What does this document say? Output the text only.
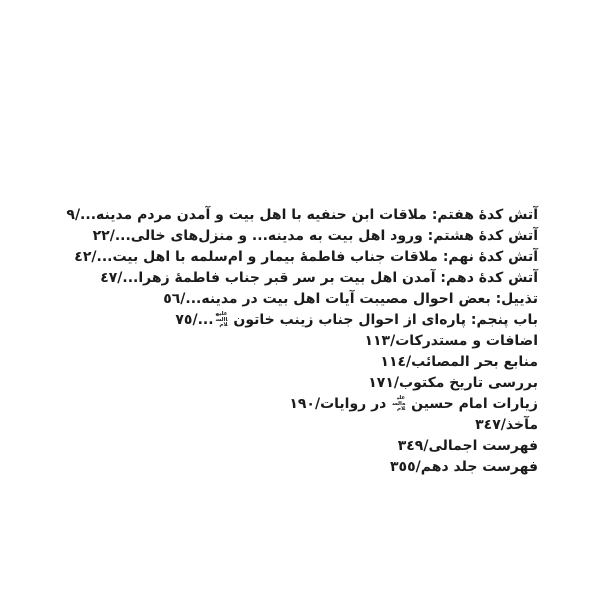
آتش کدۀ هفتم: ملاقات ابن حنفیه با اهل بیت و آمدن مردم مدینه.../٩
آتش کدۀ هشتم: ورود اهل بیت به مدینه... و منزل‌های خالی.../٢٢
آتش کدۀ نهم: ملاقات جناب فاطمۀ بیمار و ام‌سلمه با اهل بیت.../٤٢
آتش کدۀ دهم: آمدن اهل بیت بر سر قبر جناب فاطمۀ زهرا.../٤٧
تذییل: بعض احوال مصیبت آیات اهل بیت در مدینه.../٥٦
باب پنجم: پاره‌ای از احوال جناب زینب خاتون علیهاالسلام.../٧٥
اضافات و مستدرکات/١١٣
منابع بحر المصائب/١١٤
بررسی تاریخ مکتوب/١٧١
زیارات امام حسین علیه‌السلام در روایات/١٩٠
مآخذ/٣٤٧
فهرست اجمالی/٣٤٩
فهرست جلد دهم/٣٥٥
